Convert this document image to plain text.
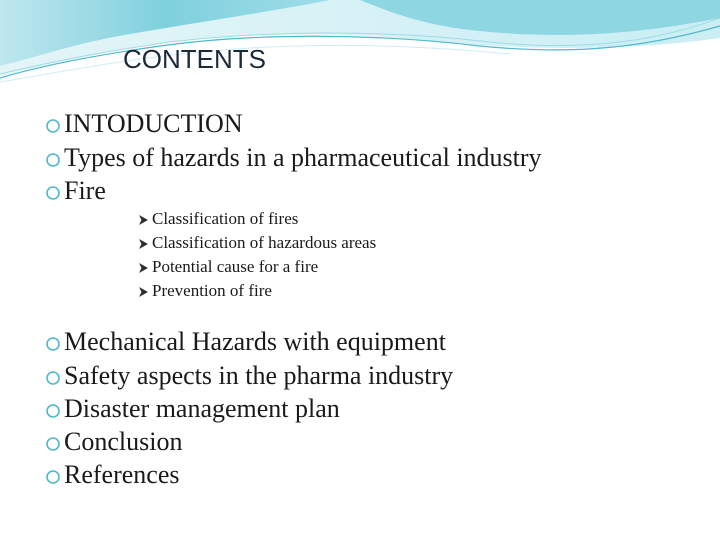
CONTENTS
INTODUCTION
Types of hazards in a pharmaceutical industry
Fire
Classification of fires
Classification of hazardous areas
Potential cause for a fire
Prevention of fire
Mechanical Hazards with equipment
Safety aspects in the pharma industry
Disaster management plan
Conclusion
References
